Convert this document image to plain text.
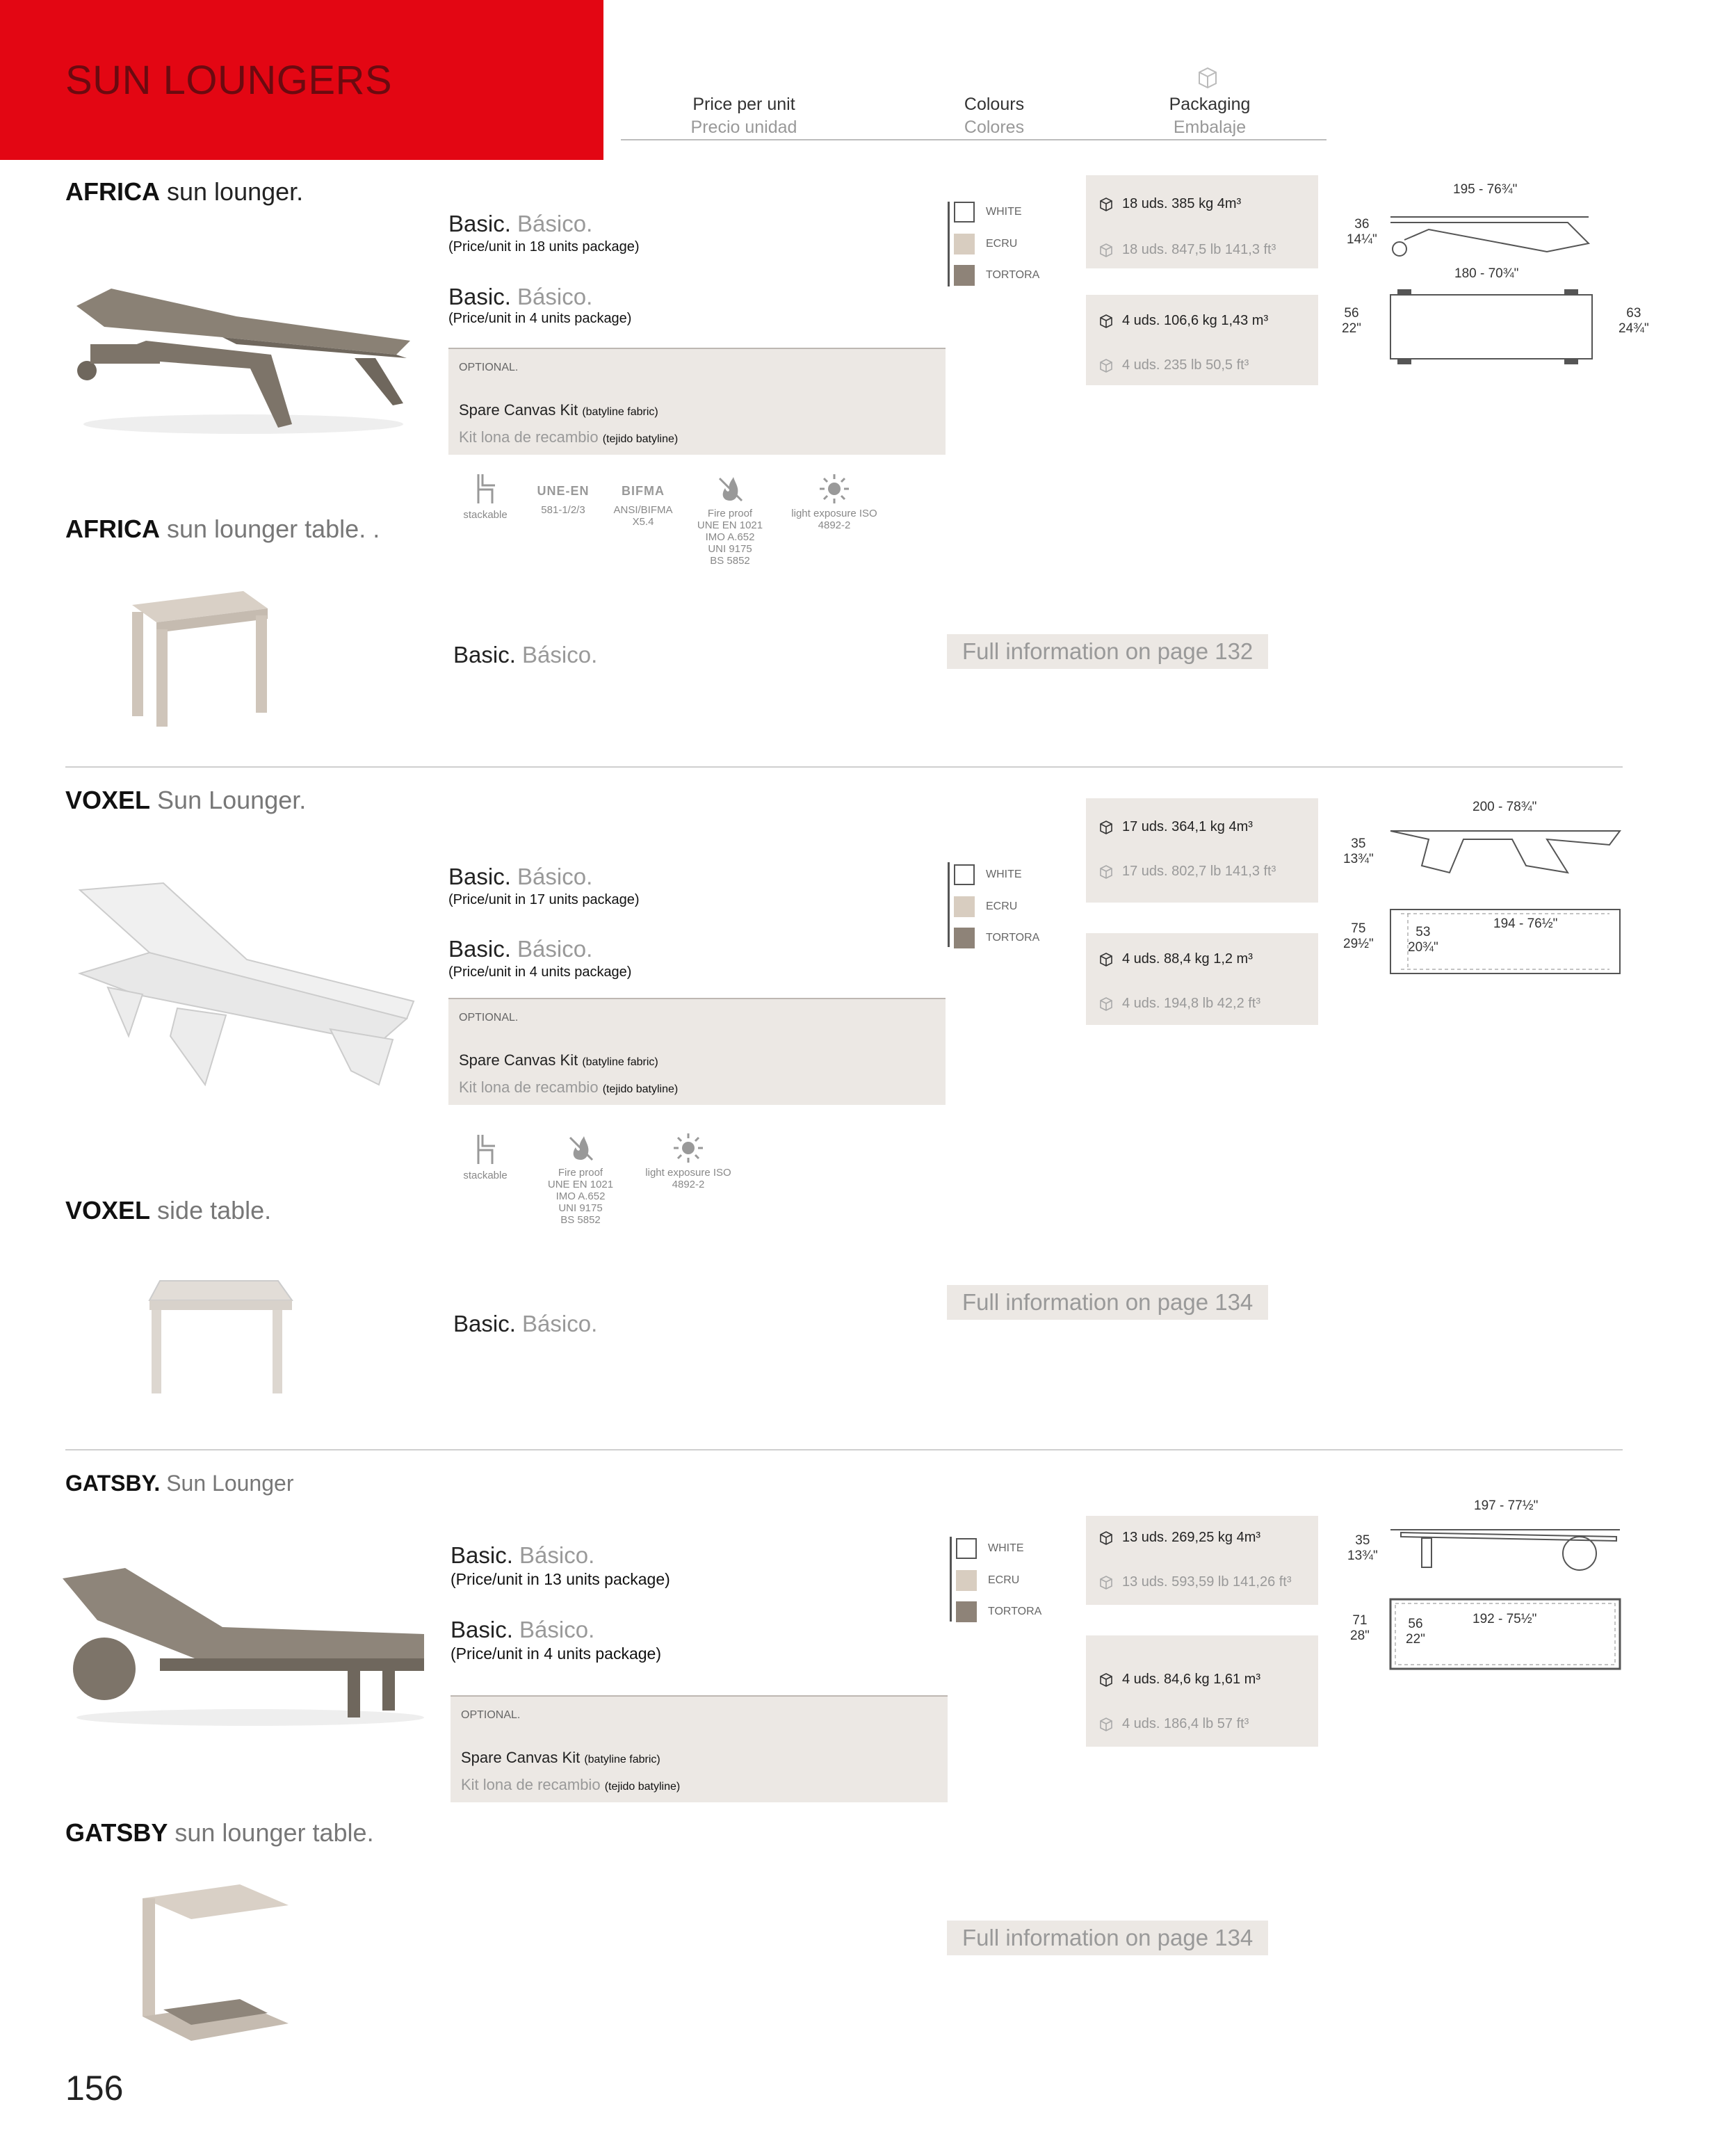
SUN LOUNGERS
Price per unit
Precio unidad
Colours
Colores
Packaging
Embalaje
AFRICA sun lounger.
Basic. Básico.
(Price/unit in 18 units package)
Basic. Básico.
(Price/unit in 4 units package)
OPTIONAL.
Spare Canvas Kit (batyline fabric)
Kit lona de recambio (tejido batyline)
WHITE
ECRU
TORTORA
18 uds. 385 kg 4m³
18 uds. 847,5 lb 141,3 ft³
4 uds. 106,6 kg 1,43 m³
4 uds. 235 lb 50,5 ft³
195 - 76¾"
36
14¼"
180 - 70¾"
56
22"
63
24¾"
stackable
UNE-EN
581-1/2/3
BIFMA
ANSI/BIFMA
X5.4
Fire proof
UNE EN 1021
IMO A.652
UNI 9175
BS 5852
light exposure ISO
4892-2
AFRICA sun lounger table. .
Basic. Básico.	Full information on page 132
VOXEL Sun Lounger.
Basic. Básico.
(Price/unit in 17 units package)
Basic. Básico.
(Price/unit in 4 units package)
OPTIONAL.
Spare Canvas Kit (batyline fabric)
Kit lona de recambio (tejido batyline)
WHITE
ECRU
TORTORA
17 uds. 364,1 kg 4m³
17 uds. 802,7 lb 141,3 ft³
4 uds. 88,4 kg 1,2 m³
4 uds. 194,8 lb 42,2 ft³
200 - 78¾"
35
13¾"
194 - 76½"
75
29½"
53
20¾"
stackable	Fire proof
UNE EN 1021
IMO A.652
UNI 9175
BS 5852
light exposure ISO
4892-2
VOXEL side table.
Basic. Básico.
Full information on page 134
GATSBY. Sun Lounger
Basic. Básico.
(Price/unit in 13 units package)
Basic. Básico.
(Price/unit in 4 units package)
OPTIONAL.
Spare Canvas Kit (batyline fabric)
Kit lona de recambio (tejido batyline)
WHITE
ECRU
TORTORA
13 uds. 269,25 kg 4m³
13 uds. 593,59 lb 141,26 ft³
4 uds. 84,6 kg 1,61 m³
4 uds. 186,4 lb 57 ft³
197 - 77½"
35
13¾"
192 - 75½"
71
28"
56
22"
GATSBY sun lounger table.
Full information on page 134
156
